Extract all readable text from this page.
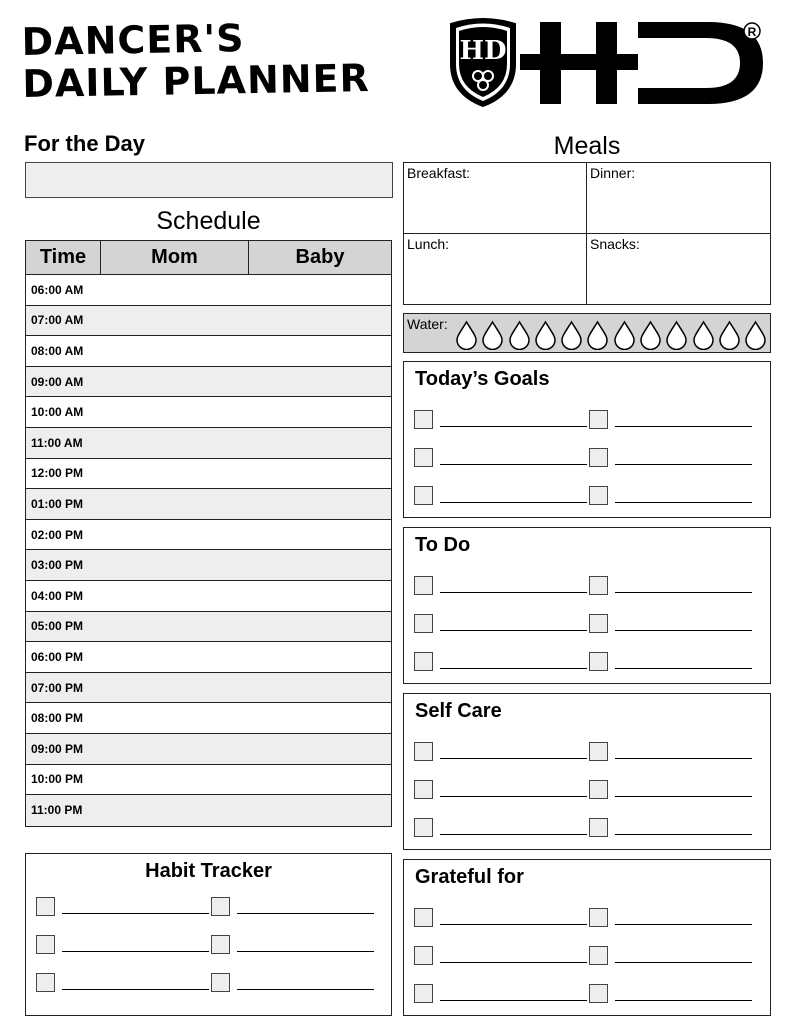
DANCER'S
DAILY PLANNER
HD
R
For the Day
Schedule
Time	Mom	Baby
06:00 AM
07:00 AM
08:00 AM
09:00 AM
10:00 AM
11:00 AM
12:00 PM
01:00 PM
02:00 PM
03:00 PM
04:00 PM
05:00 PM
06:00 PM
07:00 PM
08:00 PM
09:00 PM
10:00 PM
11:00 PM
Meals
Breakfast:	Dinner:
Lunch:	Snacks:
Water:
Today’s Goals
To Do
Self Care
Grateful for
Habit Tracker
